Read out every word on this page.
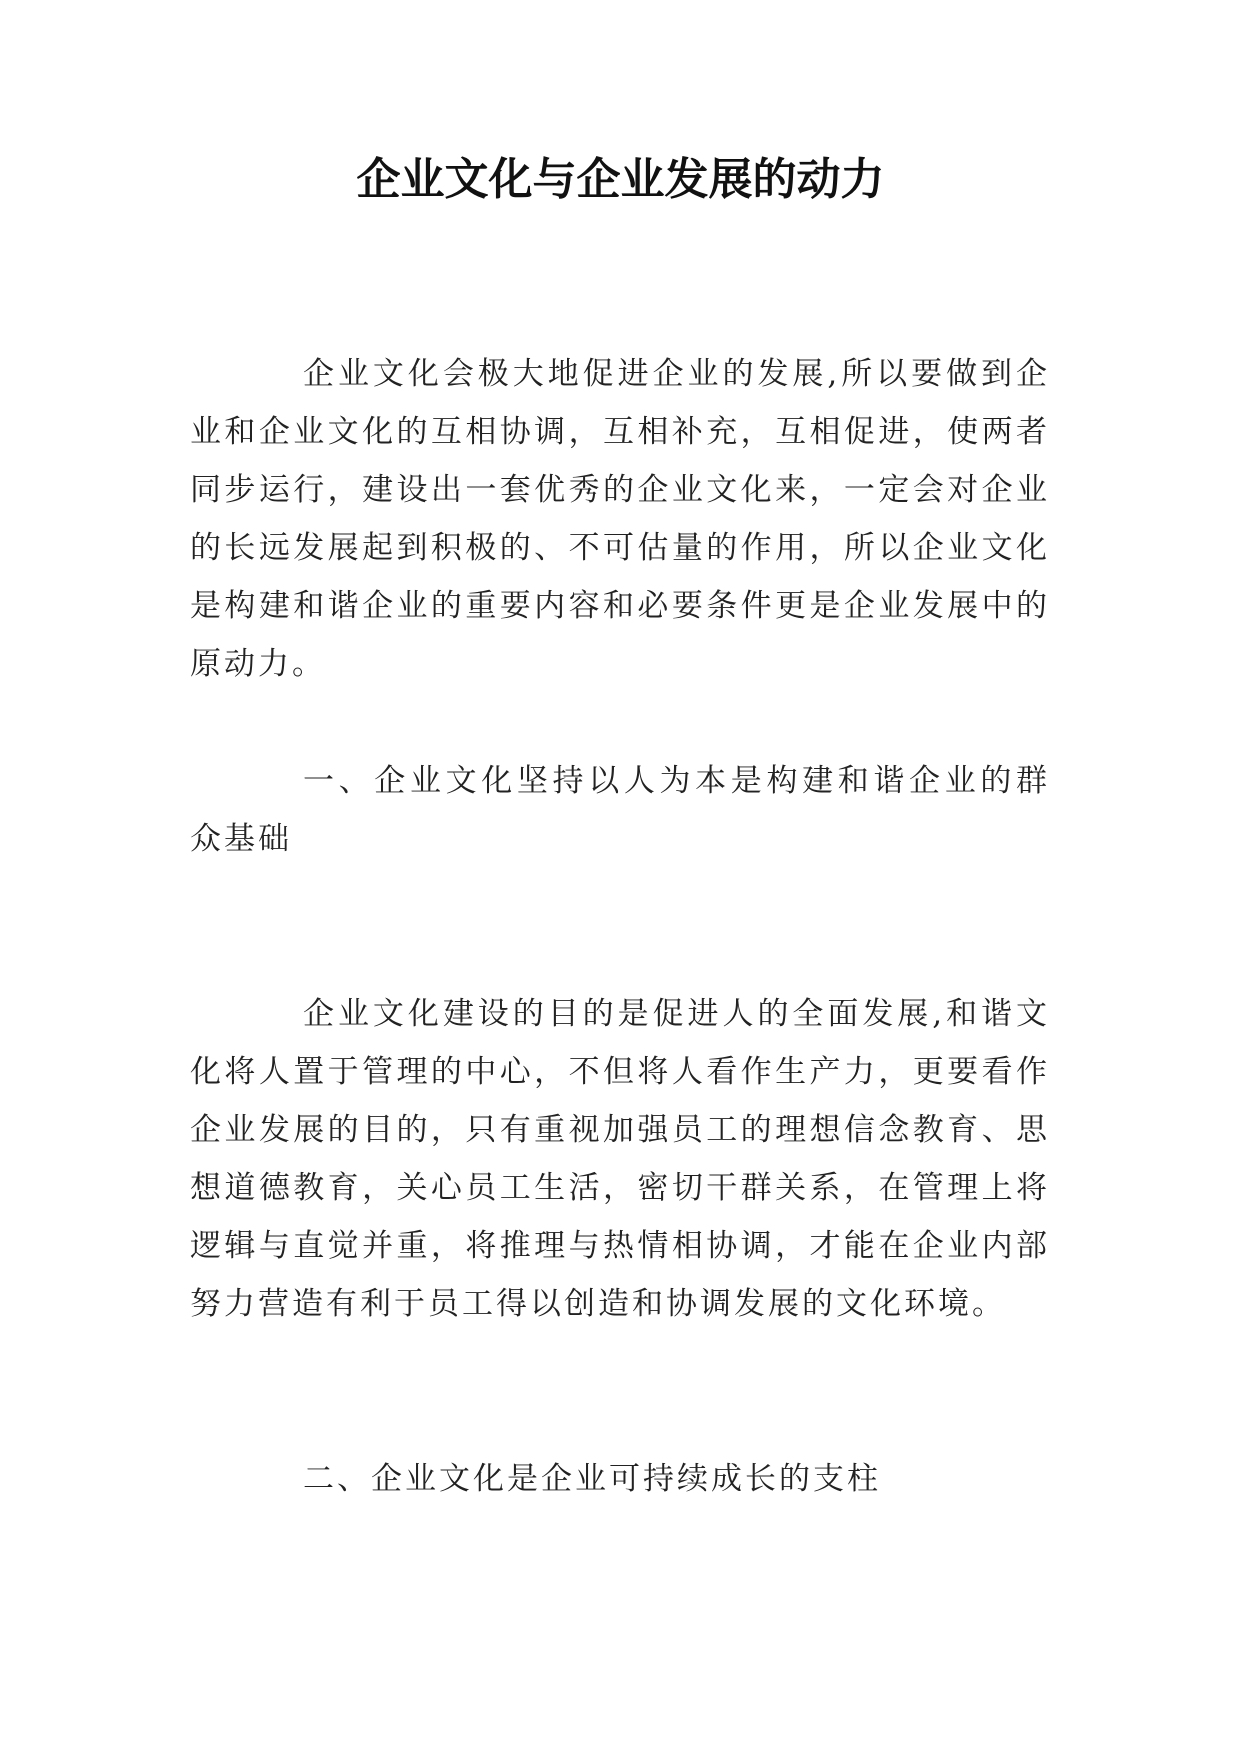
企业文化与企业发展的动力

企业文化会极大地促进企业的发展,所以要做到企业和企业文化的互相协调，互相补充，互相促进，使两者同步运行，建设出一套优秀的企业文化来，一定会对企业的长远发展起到积极的、不可估量的作用，所以企业文化是构建和谐企业的重要内容和必要条件更是企业发展中的原动力。

一、企业文化坚持以人为本是构建和谐企业的群众基础

企业文化建设的目的是促进人的全面发展,和谐文化将人置于管理的中心，不但将人看作生产力，更要看作企业发展的目的，只有重视加强员工的理想信念教育、思想道德教育，关心员工生活，密切干群关系，在管理上将逻辑与直觉并重，将推理与热情相协调，才能在企业内部努力营造有利于员工得以创造和协调发展的文化环境。

二、企业文化是企业可持续成长的支柱
